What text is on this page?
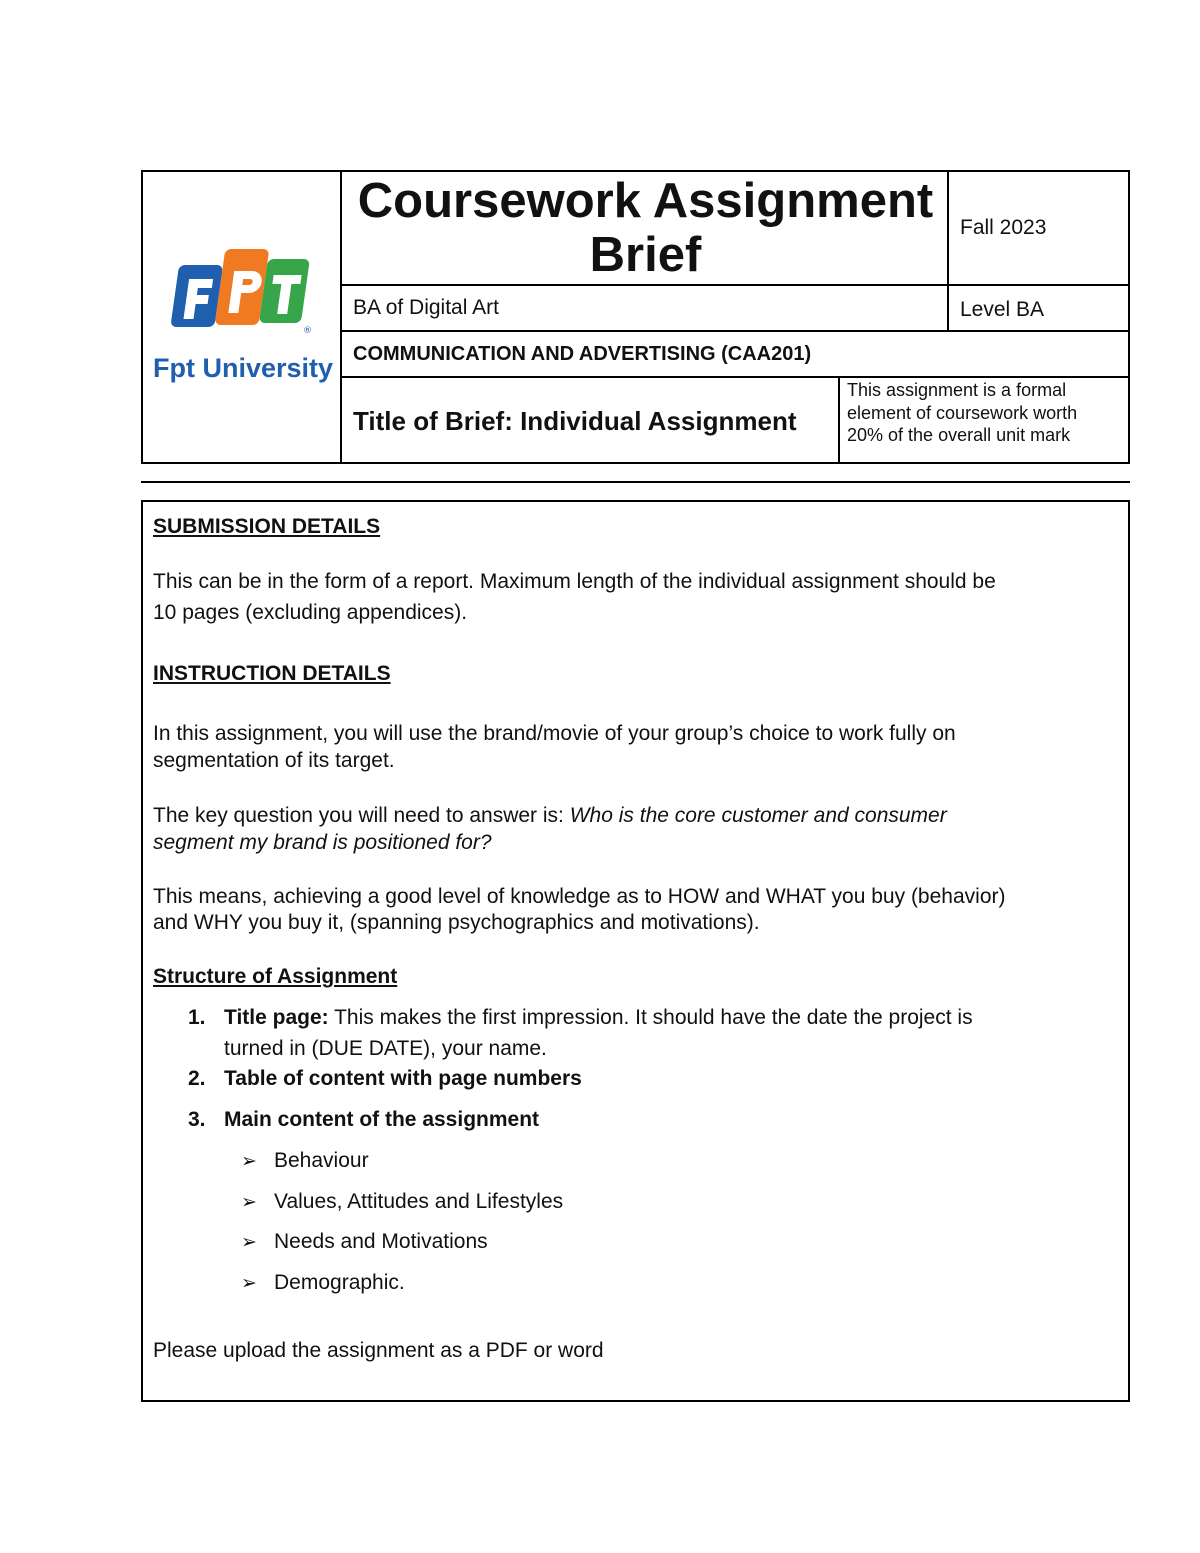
®
Fpt University
Coursework Assignment
Brief
Fall 2023
BA of Digital Art	Level BA
COMMUNICATION AND ADVERTISING (CAA201)
Title of Brief: Individual Assignment
This assignment is a formal
element of coursework worth
20% of the overall unit mark
SUBMISSION DETAILS
This can be in the form of a report. Maximum length of the individual assignment should be
10 pages (excluding appendices).
INSTRUCTION DETAILS
In this assignment, you will use the brand/movie of your group’s choice to work fully on
segmentation of its target.
The key question you will need to answer is: Who is the core customer and consumer
segment my brand is positioned for?
This means, achieving a good level of knowledge as to HOW and WHAT you buy (behavior)
and WHY you buy it, (spanning psychographics and motivations).
Structure of Assignment
1. Title page: This makes the first impression. It should have the date the project is
turned in (DUE DATE), your name.
2. Table of content with page numbers
3. Main content of the assignment
➢ Behaviour
➢ Values, Attitudes and Lifestyles
➢ Needs and Motivations
➢ Demographic.
Please upload the assignment as a PDF or word
